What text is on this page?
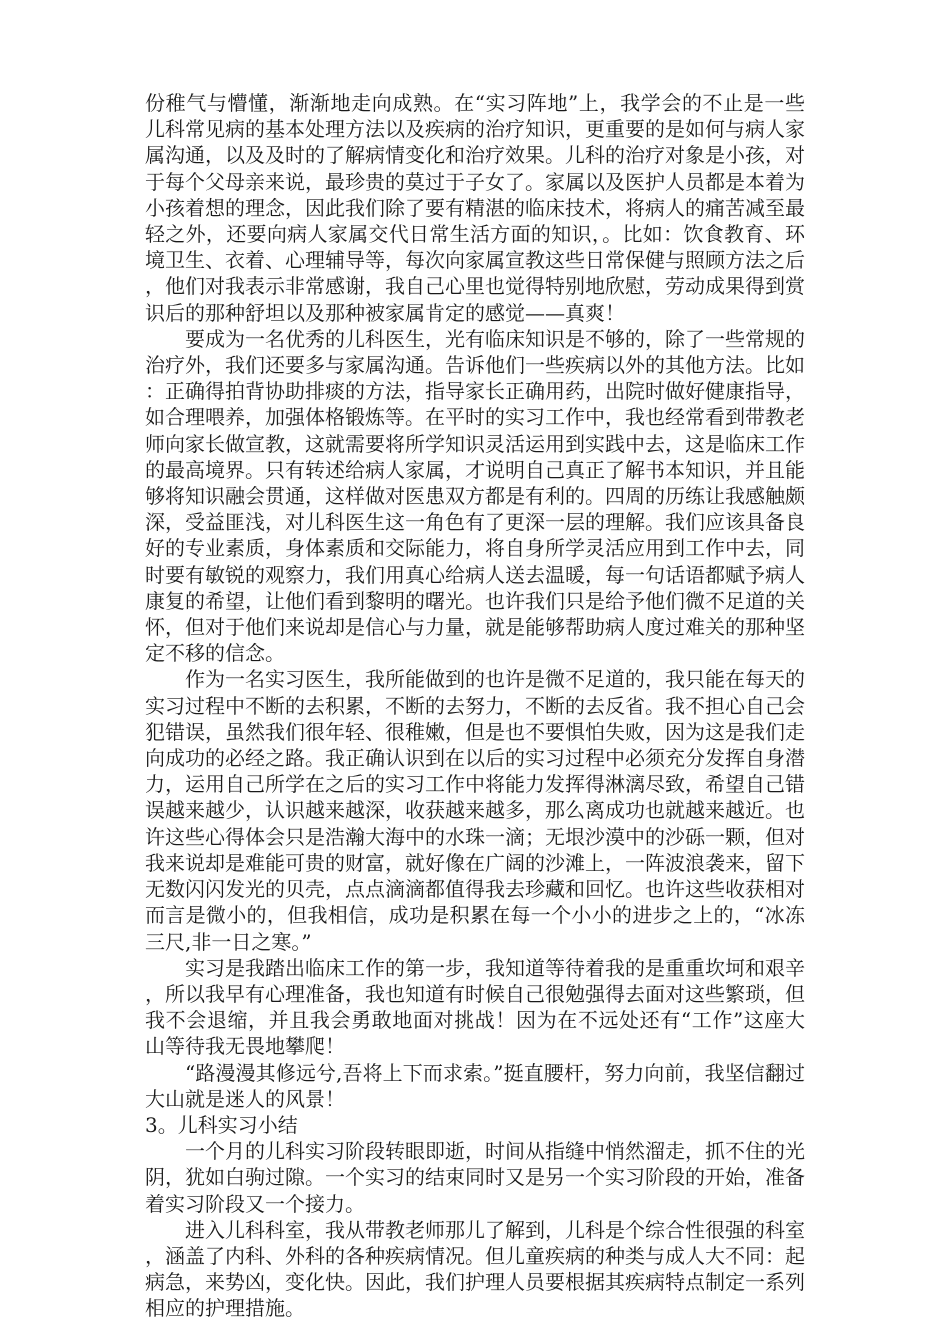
份稚气与懵懂，渐渐地走向成熟。在“实习阵地”上，我学会的不止是一些儿科常见病的基本处理方法以及疾病的治疗知识，更重要的是如何与病人家属沟通，以及及时的了解病情变化和治疗效果。儿科的治疗对象是小孩，对于每个父母亲来说，最珍贵的莫过于子女了。家属以及医护人员都是本着为小孩着想的理念，因此我们除了要有精湛的临床技术，将病人的痛苦减至最轻之外，还要向病人家属交代日常生活方面的知识，。比如：饮食教育、环境卫生、衣着、心理辅导等，每次向家属宣教这些日常保健与照顾方法之后，他们对我表示非常感谢，我自己心里也觉得特别地欣慰，劳动成果得到赏识后的那种舒坦以及那种被家属肯定的感觉——真爽！

要成为一名优秀的儿科医生，光有临床知识是不够的，除了一些常规的治疗外，我们还要多与家属沟通。告诉他们一些疾病以外的其他方法。比如：正确得拍背协助排痰的方法，指导家长正确用药，出院时做好健康指导，如合理喂养，加强体格锻炼等。在平时的实习工作中，我也经常看到带教老师向家长做宣教，这就需要将所学知识灵活运用到实践中去，这是临床工作的最高境界。只有转述给病人家属，才说明自己真正了解书本知识，并且能够将知识融会贯通，这样做对医患双方都是有利的。四周的历练让我感触颇深，受益匪浅，对儿科医生这一角色有了更深一层的理解。我们应该具备良好的专业素质，身体素质和交际能力，将自身所学灵活应用到工作中去，同时要有敏锐的观察力，我们用真心给病人送去温暖，每一句话语都赋予病人康复的希望，让他们看到黎明的曙光。也许我们只是给予他们微不足道的关怀，但对于他们来说却是信心与力量，就是能够帮助病人度过难关的那种坚定不移的信念。

作为一名实习医生，我所能做到的也许是微不足道的，我只能在每天的实习过程中不断的去积累，不断的去努力，不断的去反省。我不担心自己会犯错误，虽然我们很年轻、很稚嫩，但是也不要惧怕失败，因为这是我们走向成功的必经之路。我正确认识到在以后的实习过程中必须充分发挥自身潜力，运用自己所学在之后的实习工作中将能力发挥得淋漓尽致，希望自己错误越来越少，认识越来越深，收获越来越多，那么离成功也就越来越近。也许这些心得体会只是浩瀚大海中的水珠一滴；无垠沙漠中的沙砾一颗，但对我来说却是难能可贵的财富，就好像在广阔的沙滩上，一阵波浪袭来，留下无数闪闪发光的贝壳，点点滴滴都值得我去珍藏和回忆。也许这些收获相对而言是微小的，但我相信，成功是积累在每一个小小的进步之上的，“冰冻三尺,非一日之寒。”

实习是我踏出临床工作的第一步，我知道等待着我的是重重坎坷和艰辛，所以我早有心理准备，我也知道有时候自己很勉强得去面对这些繁琐，但我不会退缩，并且我会勇敢地面对挑战！因为在不远处还有“工作”这座大山等待我无畏地攀爬！

“路漫漫其修远兮,吾将上下而求索。”挺直腰杆，努力向前，我坚信翻过大山就是迷人的风景！

3。儿科实习小结

一个月的儿科实习阶段转眼即逝，时间从指缝中悄然溜走，抓不住的光阴，犹如白驹过隙。一个实习的结束同时又是另一个实习阶段的开始，准备着实习阶段又一个接力。

进入儿科科室，我从带教老师那儿了解到，儿科是个综合性很强的科室，涵盖了内科、外科的各种疾病情况。但儿童疾病的种类与成人大不同：起病急，来势凶，变化快。因此，我们护理人员要根据其疾病特点制定一系列相应的护理措施。
